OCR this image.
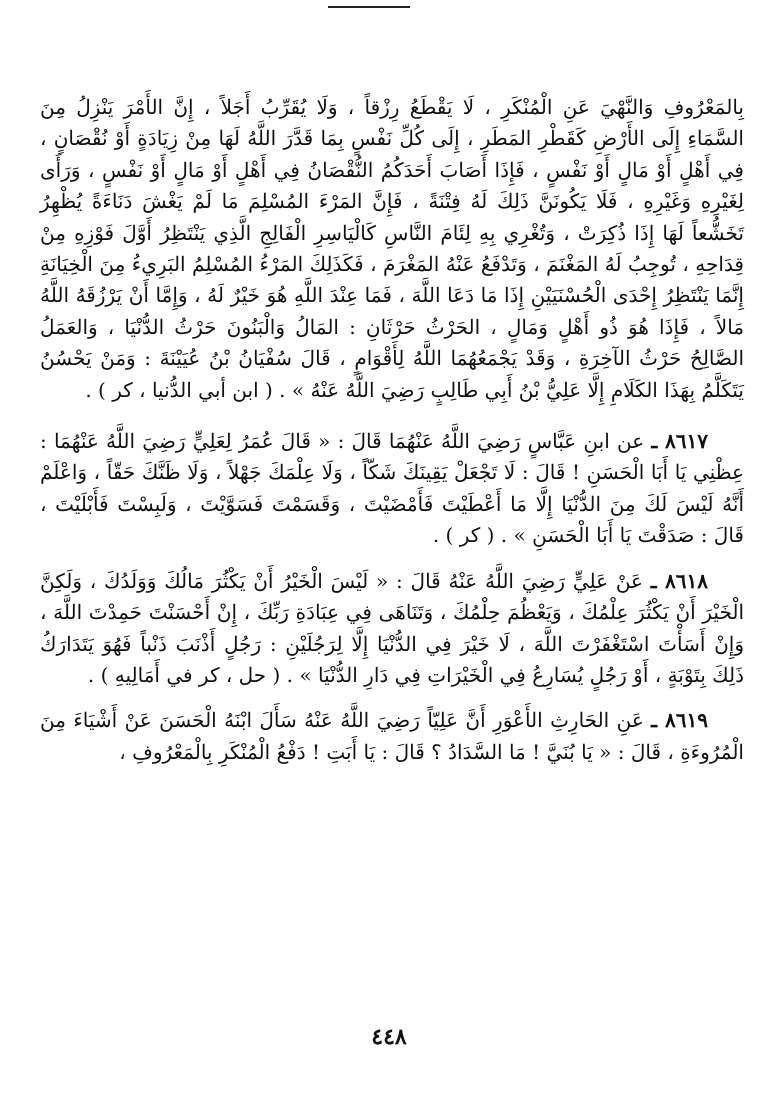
بِالمَعْرُوفِ وَالنَّهْيَ عَنِ الْمُنْكَرِ ، لَا يَقْطَعُ رِزْقاً ، وَلَا يُقَرِّبُ أَجَلاً ، إِنَّ الأَمْرَ يَنْزِلُ مِنَ السَّمَاءِ إِلَى الأَرْضِ كَقَطْرِ المَطَرِ ، إِلَى كُلِّ نَفْسٍ بِمَا قَدَّرَ اللَّهُ لَهَا مِنْ زِيَادَةٍ أَوْ نُقْصَانٍ ، فِي أَهْلٍ أَوْ مَالٍ أَوْ نَفْسٍ ، فَإِذَا أَصَابَ أَحَدَكُمُ النُّقْصَانُ فِي أَهْلٍ أَوْ مَالٍ أَوْ نَفْسٍ ، وَرَأَى لِغَيْرِهِ وَغَيْرِهِ ، فَلَا يَكُونَنَّ ذَلِكَ لَهُ فِتْنَةً ، فَإِنَّ المَرْءَ المُسْلِمَ مَا لَمْ يَغْشَ دَنَاءَةً يُظْهِرُ تَخَشُّعاً لَهَا إِذَا ذُكِرَتْ ، وَتُغْرِي بِهِ لِئَامَ النَّاسِ كَالْيَاسِرِ الْفَالِجِ الَّذِي يَنْتَظِرُ أَوَّلَ فَوْزِهِ مِنْ قِدَاحِهِ ، تُوجِبُ لَهُ المَغْنَمَ ، وَتَدْفَعُ عَنْهُ المَغْرَمَ ، فَكَذَلِكَ المَرْءُ المُسْلِمُ البَرِيءُ مِنَ الْخِيَانَةِ إِنَّمَا يَنْتَظِرُ إِحْدَى الْحُسْنَيَيْنِ إِذَا مَا دَعَا اللَّهَ ، فَمَا عِنْدَ اللَّهِ هُوَ خَيْرٌ لَهُ ، وَإِمَّا أَنْ يَرْزُقَهُ اللَّهُ مَالاً ، فَإِذَا هُوَ ذُو أَهْلٍ وَمَالٍ ، الحَرْثُ حَرْثَانِ : المَالُ وَالْبَنُونَ حَرْثُ الدُّنْيَا ، وَالعَمَلُ الصَّالِحُ حَرْثُ الآخِرَةِ ، وَقَدْ يَجْمَعُهُمَا اللَّهُ لِأَقْوَامٍ ، قَالَ سُفْيَانُ بْنُ عُيَيْنَةَ : وَمَنْ يَحْسُنُ يَتَكَلَّمُ بِهَذَا الكَلَامِ إِلَّا عَلِيُّ بْنُ أَبِي طَالِبٍ رَضِيَ اللَّهُ عَنْهُ » . ( ابن أبي الدُّنيا ، كر ) .

٨٦١٧ ـ عن ابنِ عَبَّاسٍ رَضِيَ اللَّهُ عَنْهُمَا قَالَ : « قَالَ عُمَرُ لِعَلِيٍّ رَضِيَ اللَّهُ عَنْهُمَا : عِظْنِي يَا أَبَا الْحَسَنِ ! قَالَ : لَا تَجْعَلْ يَقِينَكَ شَكّاً ، وَلَا عِلْمَكَ جَهْلاً ، وَلَا ظَنَّكَ حَقّاً ، وَاعْلَمْ أَنَّهُ لَيْسَ لَكَ مِنَ الدُّنْيَا إِلَّا مَا أَعْطَيْتَ فَأَمْضَيْتَ ، وَقَسَمْتَ فَسَوَّيْتَ ، وَلَبِسْتَ فَأَبْلَيْتَ ، قَالَ : صَدَقْتَ يَا أَبَا الْحَسَنِ » . ( كر ) .

٨٦١٨ ـ عَنْ عَلِيٍّ رَضِيَ اللَّهُ عَنْهُ قَالَ : « لَيْسَ الْخَيْرُ أَنْ يَكْثُرَ مَالُكَ وَوَلَدُكَ ، وَلَكِنَّ الْخَيْرَ أَنْ يَكْثُرَ عِلْمُكَ ، وَيَعْظُمَ حِلْمُكَ ، وَتَنَاهَى فِي عِبَادَةِ رَبِّكَ ، إِنْ أَحْسَنْتَ حَمِدْتَ اللَّهَ ، وَإِنْ أَسَأْتَ اسْتَغْفَرْتَ اللَّهَ ، لَا خَيْرَ فِي الدُّنْيَا إِلَّا لِرَجُلَيْنِ : رَجُلٍ أَذْنَبَ ذَنْباً فَهُوَ يَتَدَارَكُ ذَلِكَ بِتَوْبَةٍ ، أَوْ رَجُلٍ يُسَارِعُ فِي الْخَيْرَاتِ فِي دَارِ الدُّنْيَا » . ( حل ، كر في أَمَالِيهِ ) .

٨٦١٩ ـ عَنِ الحَارِثِ الأَعْوَرِ أَنَّ عَلِيّاً رَضِيَ اللَّهُ عَنْهُ سَأَلَ ابْنَهُ الْحَسَنَ عَنْ أَشْيَاءَ مِنَ الْمُرُوءَةِ ، قَالَ : « يَا بُنَيَّ ! مَا السَّدَادُ ؟ قَالَ : يَا أَبَتِ ! دَفْعُ الْمُنْكَرِ بِالْمَعْرُوفِ ،

٤٤٨
